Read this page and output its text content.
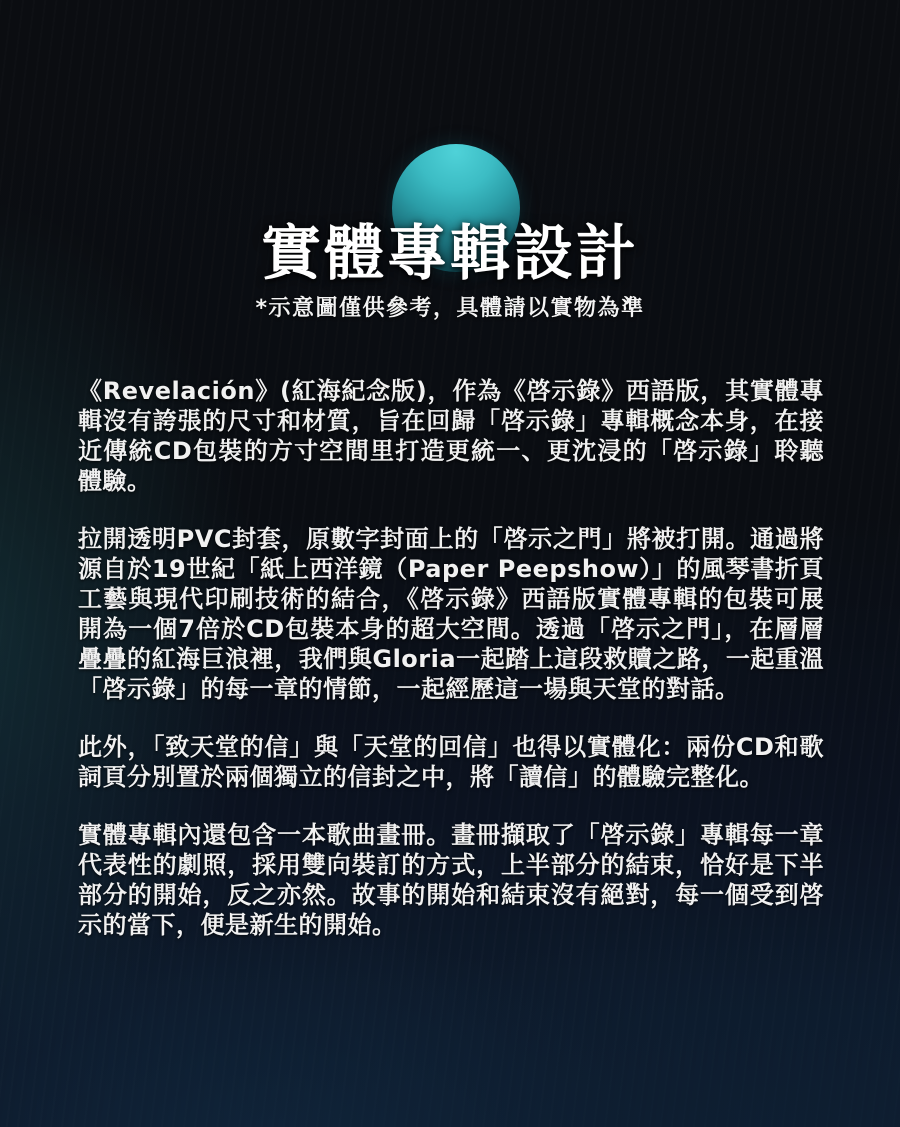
實體專輯設計
*示意圖僅供參考，具體請以實物為準

《Revelación》(紅海紀念版)，作為《啓示錄》西語版，其實體專輯沒有誇張的尺寸和材質，旨在回歸「啓示錄」專輯概念本身，在接近傳統CD包裝的方寸空間里打造更統一、更沈浸的「啓示錄」聆聽體驗。

拉開透明PVC封套，原數字封面上的「啓示之門」將被打開。通過將源自於19世紀「紙上西洋鏡（Paper Peepshow）」的風琴書折頁工藝與現代印刷技術的結合，《啓示錄》西語版實體專輯的包裝可展開為一個7倍於CD包裝本身的超大空間。透過「啓示之門」，在層層疊疊的紅海巨浪裡，我們與Gloria一起踏上這段救贖之路，一起重溫「啓示錄」的每一章的情節，一起經歷這一場與天堂的對話。

此外，「致天堂的信」與「天堂的回信」也得以實體化：兩份CD和歌詞頁分別置於兩個獨立的信封之中，將「讀信」的體驗完整化。

實體專輯內還包含一本歌曲畫冊。畫冊擷取了「啓示錄」專輯每一章代表性的劇照，採用雙向裝訂的方式，上半部分的結束，恰好是下半部分的開始，反之亦然。故事的開始和結束沒有絕對，每一個受到啓示的當下，便是新生的開始。
